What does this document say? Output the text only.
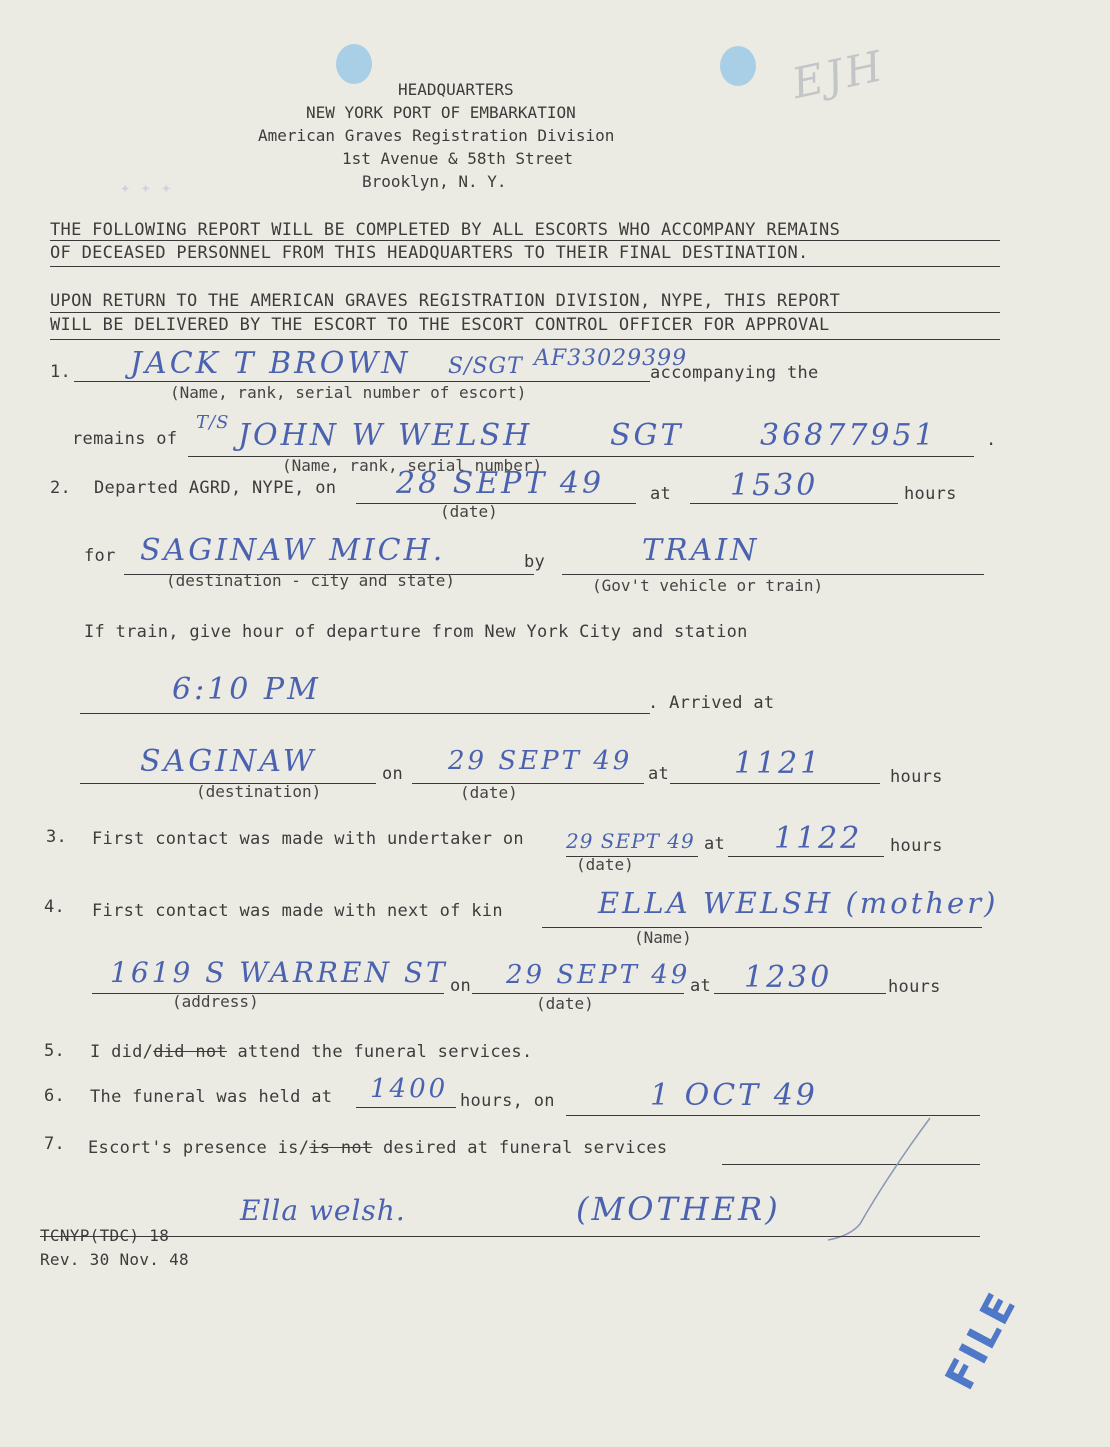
EJH
✦ ✦ ✦
HEADQUARTERS
NEW YORK PORT OF EMBARKATION
American Graves Registration Division
1st Avenue & 58th Street
Brooklyn, N. Y.
THE FOLLOWING REPORT WILL BE COMPLETED BY ALL ESCORTS WHO ACCOMPANY REMAINS
OF DECEASED PERSONNEL FROM THIS HEADQUARTERS TO THEIR FINAL DESTINATION.
UPON RETURN TO THE AMERICAN GRAVES REGISTRATION DIVISION, NYPE, THIS REPORT
WILL BE DELIVERED BY THE ESCORT TO THE ESCORT CONTROL OFFICER FOR APPROVAL
1. JACK T BROWN S/SGT AF33029399
accompanying the
(Name, rank, serial number of escort)
remains of
T/S JOHN W WELSH	SGT	36877951	.
(Name, rank, serial number)
2. Departed AGRD, NYPE, on 28 SEPT 49
(date)
at 1530	hours
for SAGINAW MICH.
(destination - city and state)
by	TRAIN
(Gov't vehicle or train)
If train, give hour of departure from New York City and station
6:10 PM	. Arrived at
SAGINAW
(destination)
on 29 SEPT 49
(date)
at 1121	hours
3. First contact was made with undertaker on 29 SEPT 49
(date)
at 1122 hours
4. First contact was made with next of kin	ELLA WELSH (mother)
(Name)
1619 S WARREN ST
(address)
on 29 SEPT 49
(date)
at 1230	hours
5. I did/did not attend the funeral services.
6. The funeral was held at 1400 hours, on	1 OCT 49
7. Escort's presence is/is not desired at funeral services
Ella welsh.	(MOTHER)
TCNYP(TDC) 18
Rev. 30 Nov. 48
FILE
